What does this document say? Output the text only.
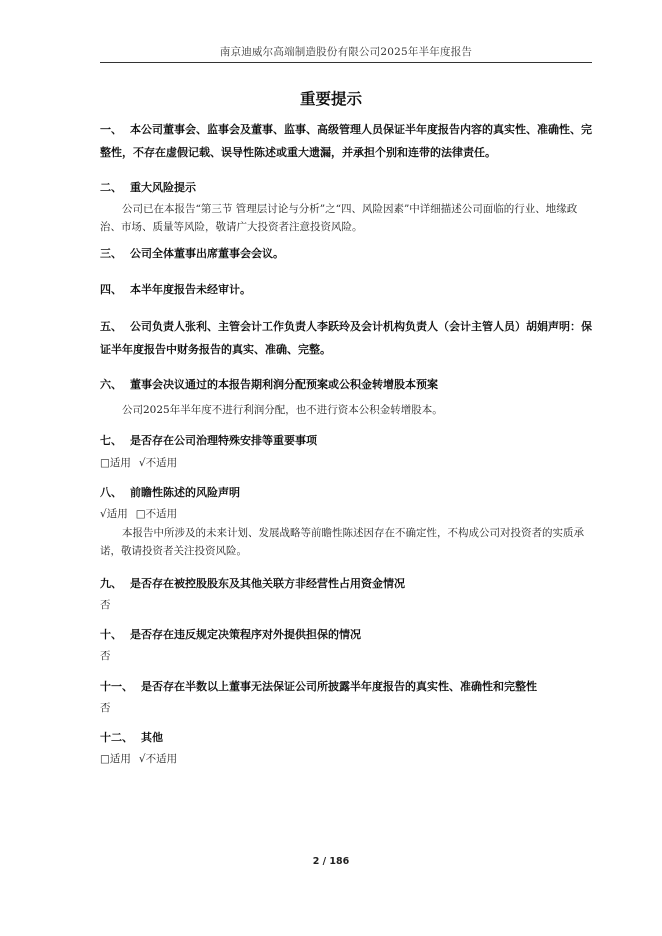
南京迪威尔高端制造股份有限公司2025年半年度报告
重要提示
一、 本公司董事会、监事会及董事、监事、高级管理人员保证半年度报告内容的真实性、准确性、完整性，不存在虚假记载、误导性陈述或重大遗漏，并承担个别和连带的法律责任。
二、 重大风险提示
公司已在本报告“第三节 管理层讨论与分析”之“四、风险因素”中详细描述公司面临的行业、地缘政治、市场、质量等风险，敬请广大投资者注意投资风险。
三、 公司全体董事出席董事会会议。
四、 本半年度报告未经审计。
五、 公司负责人张利、主管会计工作负责人李跃玲及会计机构负责人（会计主管人员）胡娟声明：保证半年度报告中财务报告的真实、准确、完整。
六、 董事会决议通过的本报告期利润分配预案或公积金转增股本预案
公司2025年半年度不进行利润分配，也不进行资本公积金转增股本。
七、 是否存在公司治理特殊安排等重要事项
□适用 √不适用
八、 前瞻性陈述的风险声明
√适用 □不适用
本报告中所涉及的未来计划、发展战略等前瞻性陈述因存在不确定性，不构成公司对投资者的实质承诺，敬请投资者关注投资风险。
九、 是否存在被控股股东及其他关联方非经营性占用资金情况
否
十、 是否存在违反规定决策程序对外提供担保的情况
否
十一、 是否存在半数以上董事无法保证公司所披露半年度报告的真实性、准确性和完整性
否
十二、 其他
□适用 √不适用
2 / 186
